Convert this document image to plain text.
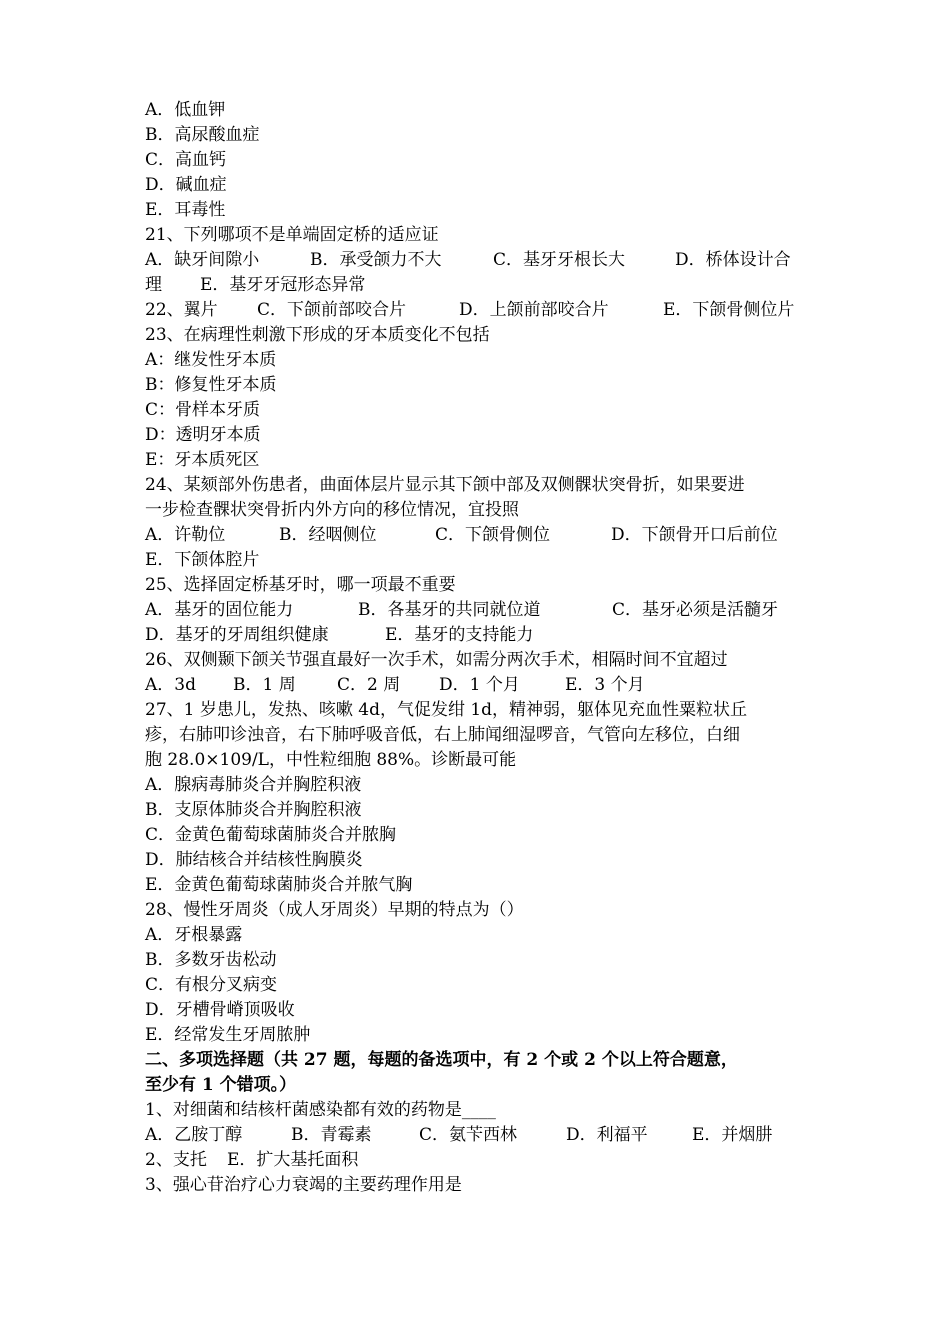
A．低血钾
B．高尿酸血症
C．高血钙
D．碱血症
E．耳毒性
21、下列哪项不是单端固定桥的适应证
A．缺牙间隙小	B．承受颌力不大	C．基牙牙根长大	D．桥体设计合
理 E．基牙牙冠形态异常
22、翼片 C．下颌前部咬合片	D．上颌前部咬合片	E．下颌骨侧位片
23、在病理性刺激下形成的牙本质变化不包括
A：继发性牙本质
B：修复性牙本质
C：骨样本牙质
D：透明牙本质
E：牙本质死区
24、某颏部外伤患者，曲面体层片显示其下颌中部及双侧髁状突骨折，如果要进
一步检查髁状突骨折内外方向的移位情况，宜投照
A．许勒位	B．经咽侧位	C．下颌骨侧位	D．下颌骨开口后前位
E．下颌体腔片
25、选择固定桥基牙时，哪一项最不重要
A．基牙的固位能力	B．各基牙的共同就位道	C．基牙必须是活髓牙
D．基牙的牙周组织健康	E．基牙的支持能力
26、双侧颞下颌关节强直最好一次手术，如需分两次手术，相隔时间不宜超过
A．3d B．1 周 C．2 周 D．1 个月	E．3 个月
27、1 岁患儿，发热、咳嗽 4d，气促发绀 1d，精神弱，躯体见充血性粟粒状丘
疹，右肺叩诊浊音，右下肺呼吸音低，右上肺闻细湿啰音，气管向左移位，白细
胞 28.0×109/L，中性粒细胞 88%。诊断最可能
A．腺病毒肺炎合并胸腔积液
B．支原体肺炎合并胸腔积液
C．金黄色葡萄球菌肺炎合并脓胸
D．肺结核合并结核性胸膜炎
E．金黄色葡萄球菌肺炎合并脓气胸
28、慢性牙周炎（成人牙周炎）早期的特点为（）
A．牙根暴露
B．多数牙齿松动
C．有根分叉病变
D．牙槽骨嵴顶吸收
E．经常发生牙周脓肿
二、多项选择题（共 27 题，每题的备选项中，有 2 个或 2 个以上符合题意，
至少有 1 个错项。）
1、对细菌和结核杆菌感染都有效的药物是____
A．乙胺丁醇	B．青霉素	C．氨苄西林	D．利福平	E．并烟肼
2、支托 E．扩大基托面积
3、强心苷治疗心力衰竭的主要药理作用是
